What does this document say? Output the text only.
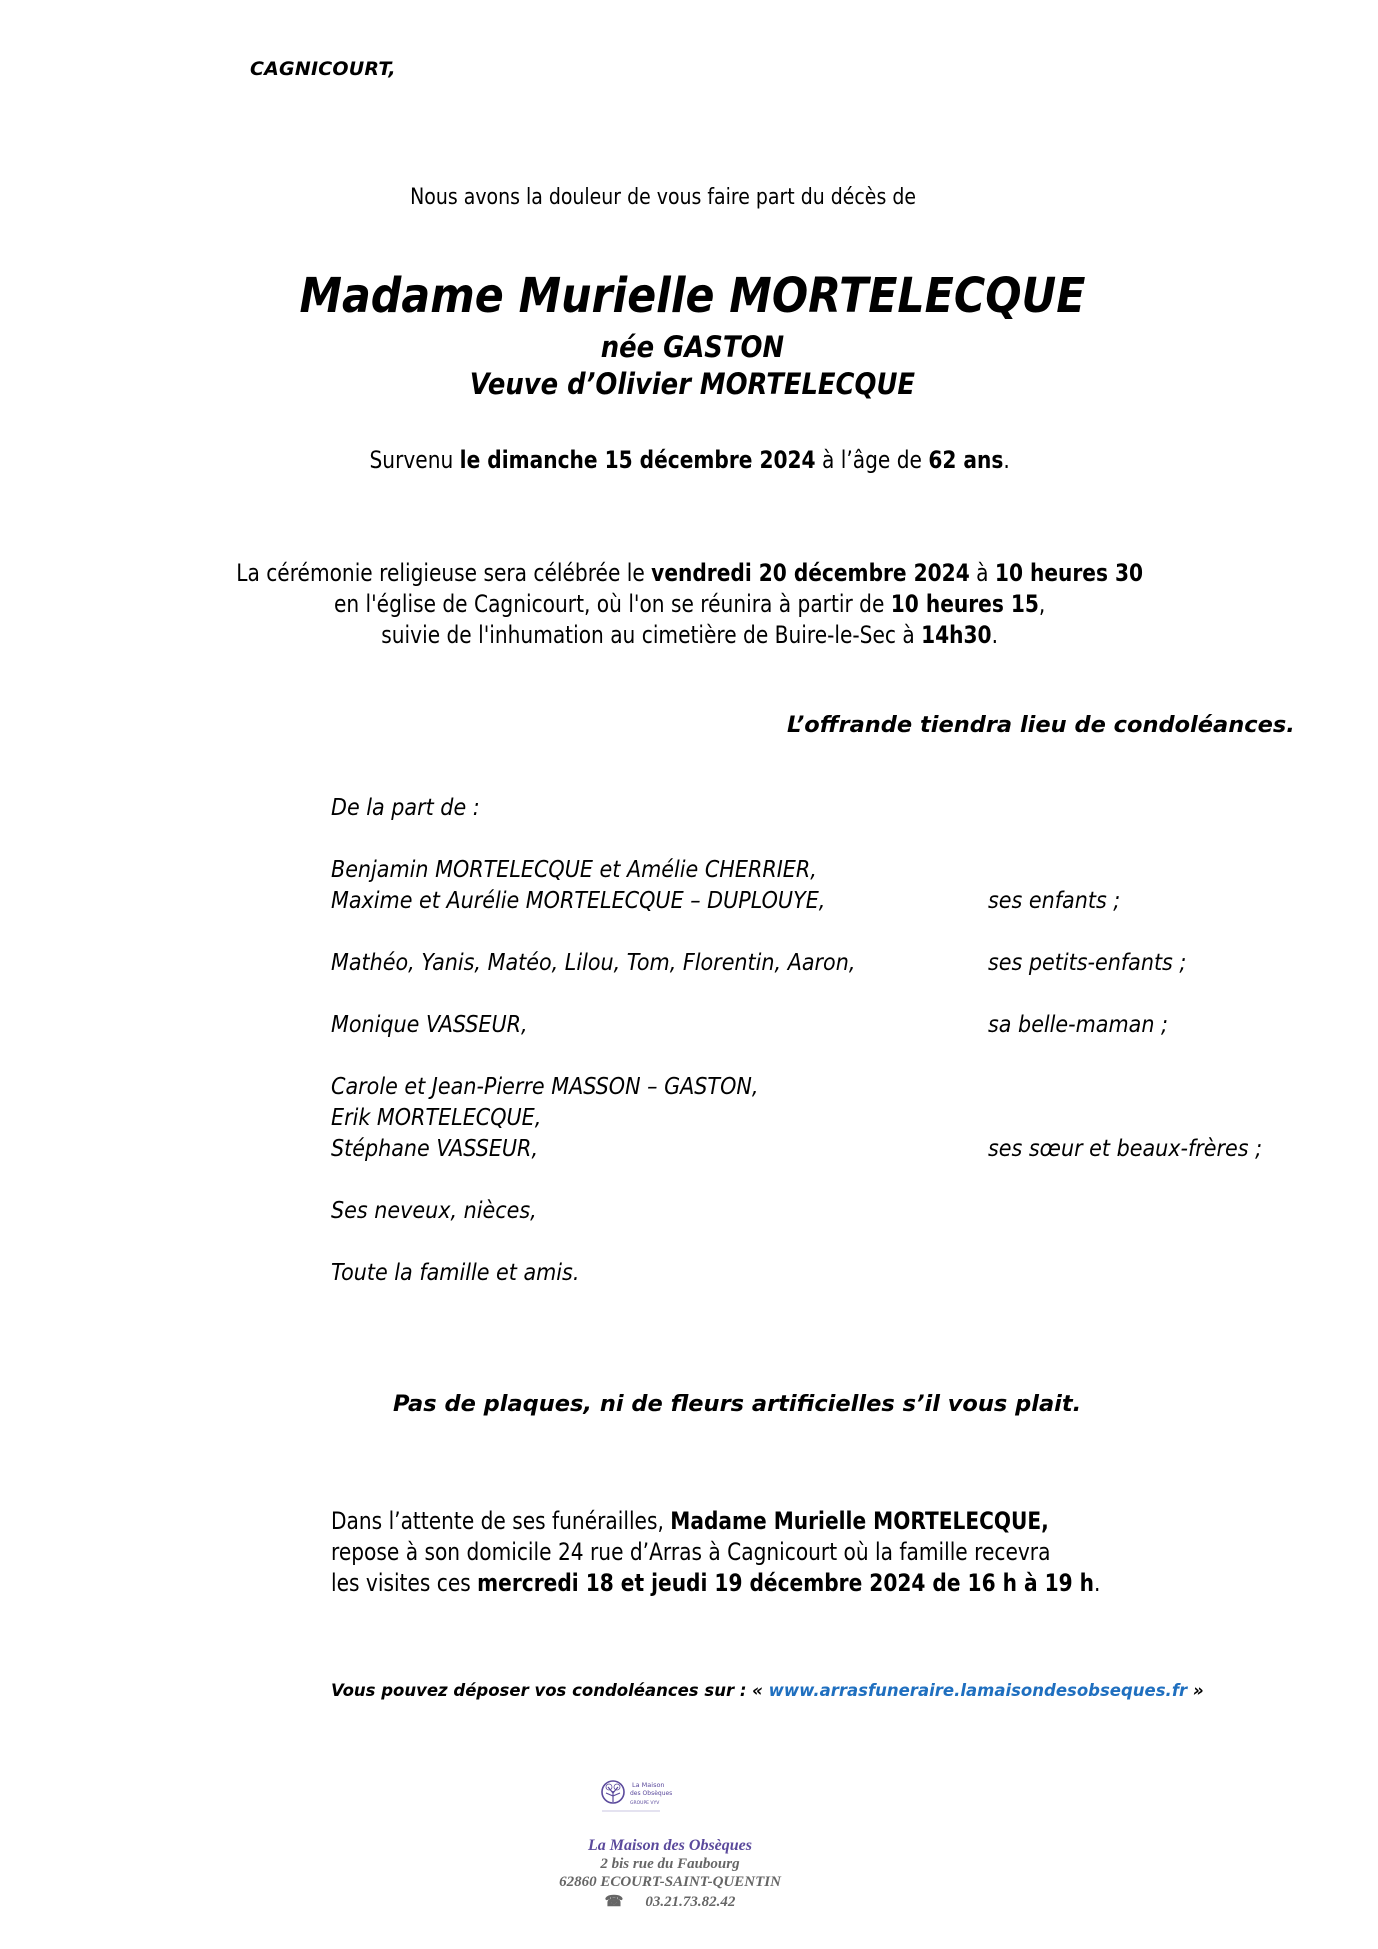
CAGNICOURT,
Nous avons la douleur de vous faire part du décès de
Madame Murielle MORTELECQUE
née GASTON
Veuve d’Olivier MORTELECQUE
Survenu le dimanche 15 décembre 2024 à l’âge de 62 ans.
La cérémonie religieuse sera célébrée le vendredi 20 décembre 2024 à 10 heures 30
en l'église de Cagnicourt, où l'on se réunira à partir de 10 heures 15,
suivie de l'inhumation au cimetière de Buire-le-Sec à 14h30.
L’offrande tiendra lieu de condoléances.
De la part de :
Benjamin MORTELECQUE et Amélie CHERRIER,
Maxime et Aurélie MORTELECQUE – DUPLOUYE,	ses enfants ;
Mathéo, Yanis, Matéo, Lilou, Tom, Florentin, Aaron,	ses petits-enfants ;
Monique VASSEUR,	sa belle-maman ;
Carole et Jean-Pierre MASSON – GASTON,
Erik MORTELECQUE,
Stéphane VASSEUR,	ses sœur et beaux-frères ;
Ses neveux, nièces,
Toute la famille et amis.
Pas de plaques, ni de fleurs artificielles s’il vous plait.
Dans l’attente de ses funérailles, Madame Murielle MORTELECQUE,
repose à son domicile 24 rue d’Arras à Cagnicourt où la famille recevra
les visites ces mercredi 18 et jeudi 19 décembre 2024 de 16 h à 19 h.
Vous pouvez déposer vos condoléances sur : « www.arrasfuneraire.lamaisondesobseques.fr »
La Maison
des Obsèques
GROUPE VYV
La Maison des Obsèques
2 bis rue du Faubourg
62860 ECOURT-SAINT-QUENTIN
☎ 03.21.73.82.42
